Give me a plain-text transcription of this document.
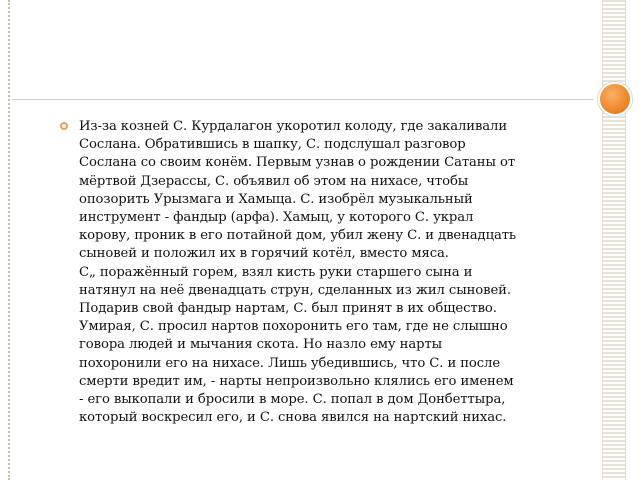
Из-за козней С. Курдалагон укоротил колоду, где закаливали
Сослана. Обратившись в шапку, С. подслушал разговор
Сослана со своим конём. Первым узнав о рождении Сатаны от
мёртвой Дзерассы, С. объявил об этом на нихасе, чтобы
опозорить Урызмага и Хамыца. С. изобрёл музыкальный
инструмент - фандыр (арфа). Хамыц, у которого С. украл
корову, проник в его потайной дом, убил жену С. и двенадцать
сыновей и положил их в горячий котёл, вместо мяса.
С„ поражённый горем, взял кисть руки старшего сына и
натянул на неё двенадцать струн, сделанных из жил сыновей.
Подарив свой фандыр нартам, С. был принят в их общество.
Умирая, С. просил нартов похоронить его там, где не слышно
говора людей и мычания скота. Но назло ему нарты
похоронили его на нихасе. Лишь убедившись, что С. и после
смерти вредит им, - нарты непроизвольно клялись его именем
- его выкопали и бросили в море. С. попал в дом Донбеттыра,
который воскресил его, и С. снова явился на нартский нихас.
